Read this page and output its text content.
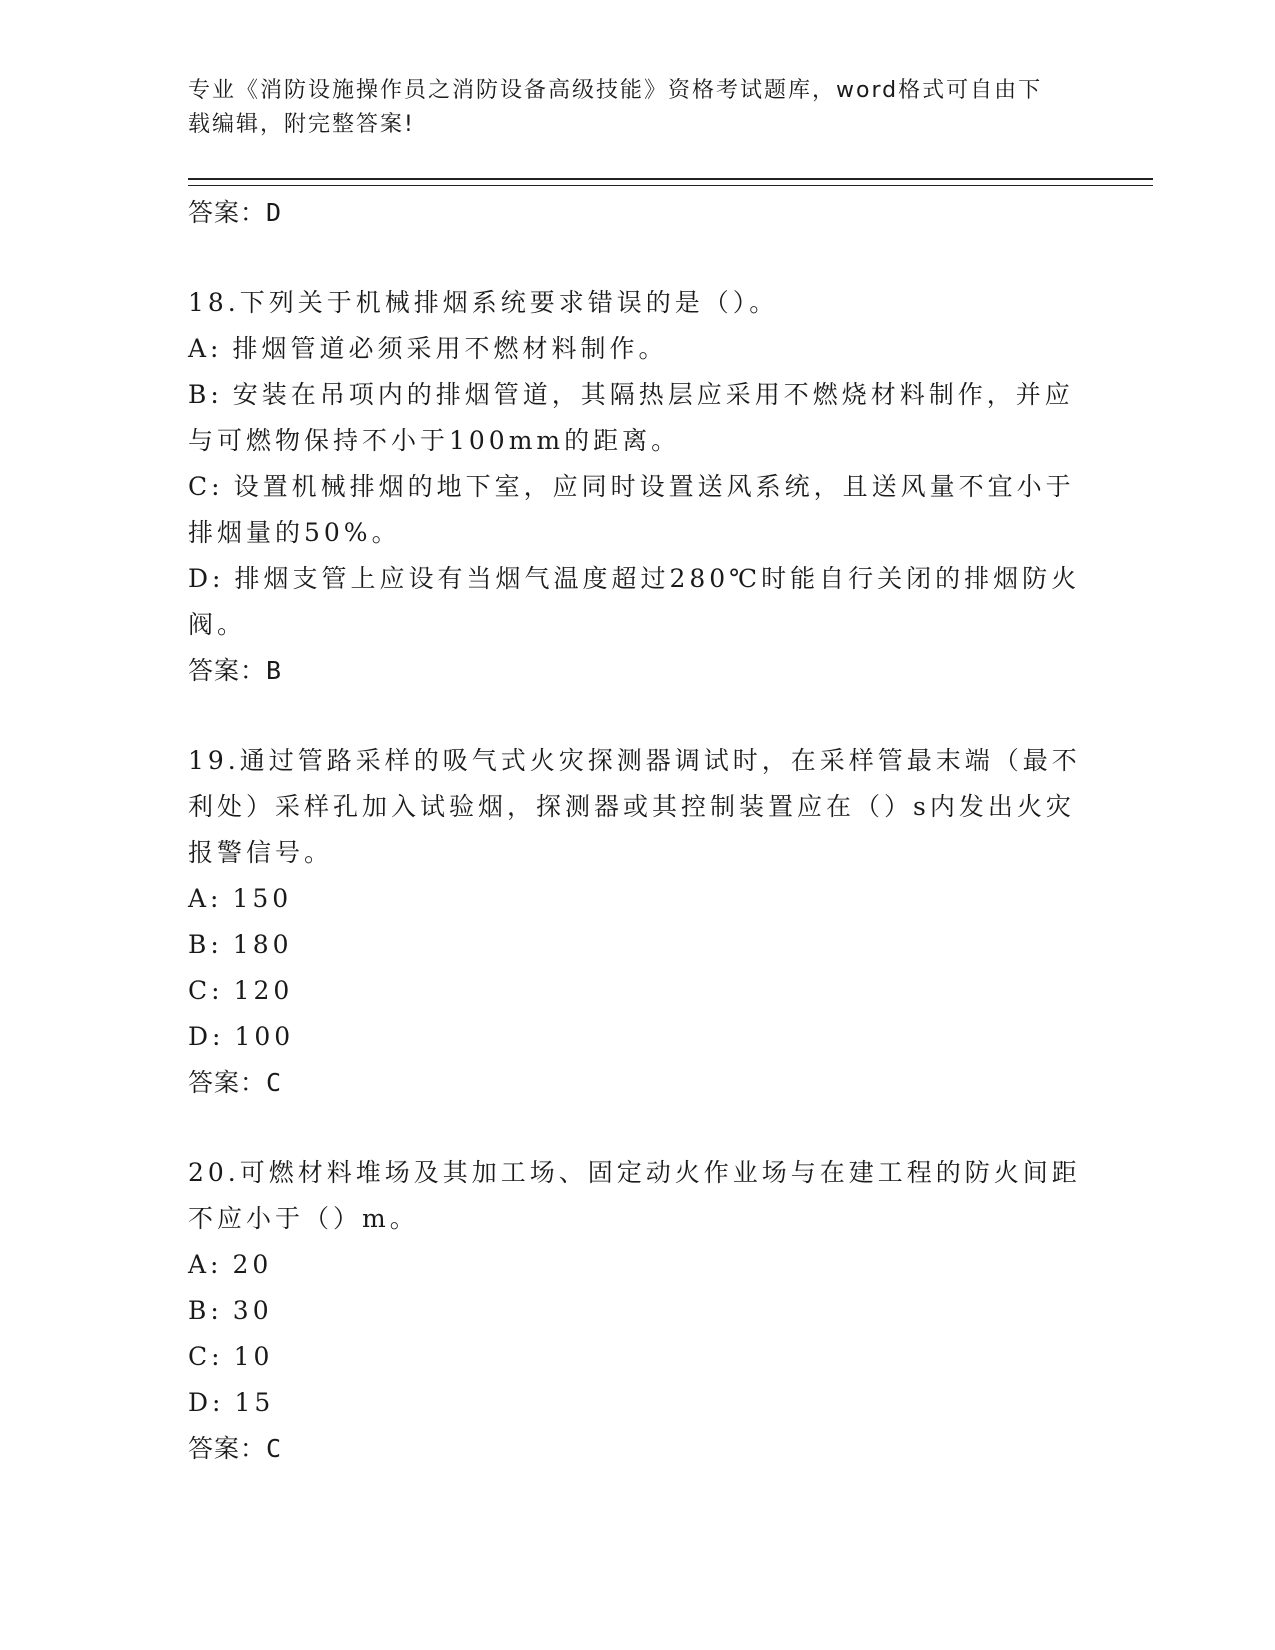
专业《消防设施操作员之消防设备高级技能》资格考试题库，word格式可自由下
载编辑，附完整答案!
答案：D
18.下列关于机械排烟系统要求错误的是（）。
A: 排烟管道必须采用不燃材料制作。
B: 安装在吊项内的排烟管道，其隔热层应采用不燃烧材料制作，并应与可燃物保持不小于100mm的距离。
C: 设置机械排烟的地下室，应同时设置送风系统，且送风量不宜小于排烟量的50%。
D: 排烟支管上应设有当烟气温度超过280℃时能自行关闭的排烟防火阀。
答案：B
19.通过管路采样的吸气式火灾探测器调试时，在采样管最末端（最不利处）采样孔加入试验烟，探测器或其控制装置应在（）s内发出火灾报警信号。
A: 150
B: 180
C: 120
D: 100
答案：C
20.可燃材料堆场及其加工场、固定动火作业场与在建工程的防火间距不应小于（）m。
A: 20
B: 30
C: 10
D: 15
答案：C
